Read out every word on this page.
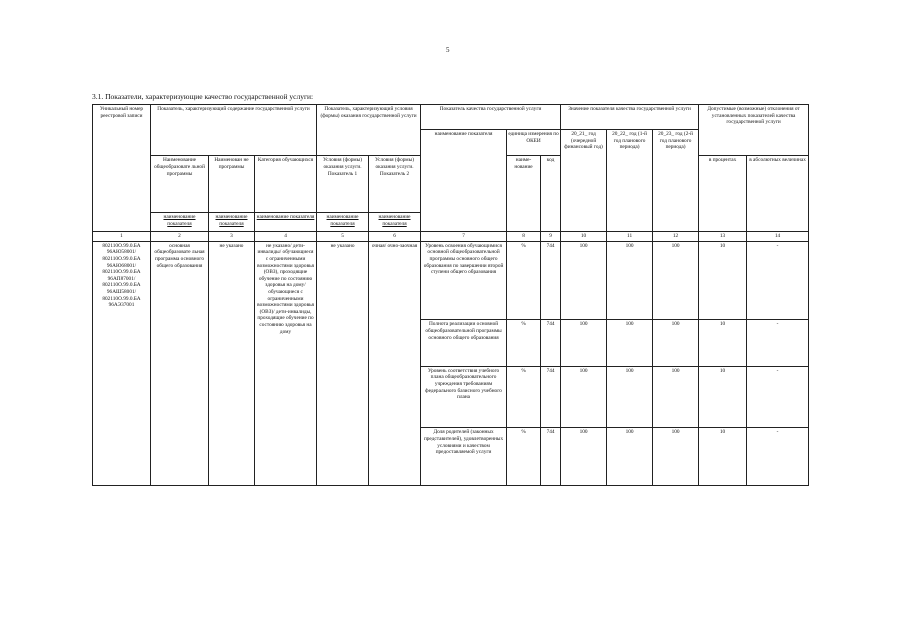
5
3.1. Показатели, характеризующие качество государственной услуги:
Уникальный номер реестровой записи	Показатель, характеризующий содержание государственной услуги			Показатель, характеризующий условия (формы) оказания государственной услуги		Показатель качества государственной услуги			Значение показателя качества государственной услуги			Допустимые (возможные) отклонения от установленных показателей качества государственной услуги	
						наименование показателя	единица измерения по ОКЕИ		20_21_ год (очередной финансовый год)	20_22_ год (1-й год планового периода)	20_23_ год (2-й год планового периода)		
	Наименование общеобразовате льной программы	Наименован не программы	Категория обучающихся	Условия (формы) оказания услуги. Показатель 1	Условия (формы) оказания услуги. Показатель 2		наиме-нование	код				в процентах	в абсолютных величинах
	наименование показателя	наименование показателя	наименование показателя	наименование показателя	наименование показателя								
1	2	3	4	5	6	7	8	9	10	11	12	13	14
802110О.99.0.БА 96АЮ58001/ 802110О.99.0.БА 96АЮ68001/ 802110О.99.0.БА 96АП87001/ 802110О.99.0.БА 96АШ58001/ 802110О.99.0.БА 96АЭ37001	основная общеобразовате льная программа основного общего образования	не указано	не указано/ дети-инвалиды/ обучающиеся с ограниченными возможностями здоровья (ОВЗ), проходящие обучение по состоянию здоровья на дому/ обучающиеся с ограниченными возможностями здоровья (ОВЗ)/ дети-инвалиды, проходящие обучение по состоянию здоровья на дому	не указано	очная/ очно-заочная	Уровень освоения обучающимися основной общеобразовательной программы основного общего образования по завершении второй ступени общего образования	%	744	100	100	100	10	-
						Полнота реализации основной общеобразовательной программы основного общего образования	%	744	100	100	100	10	-
						Уровень соответствия учебного плана общеобразовательного учреждения требованиям федерального базисного учебного плана	%	744	100	100	100	10	-
						Доля родителей (законных представителей), удовлетворенных условиями и качеством предоставляемой услуги	%	744	100	100	100	10	-
